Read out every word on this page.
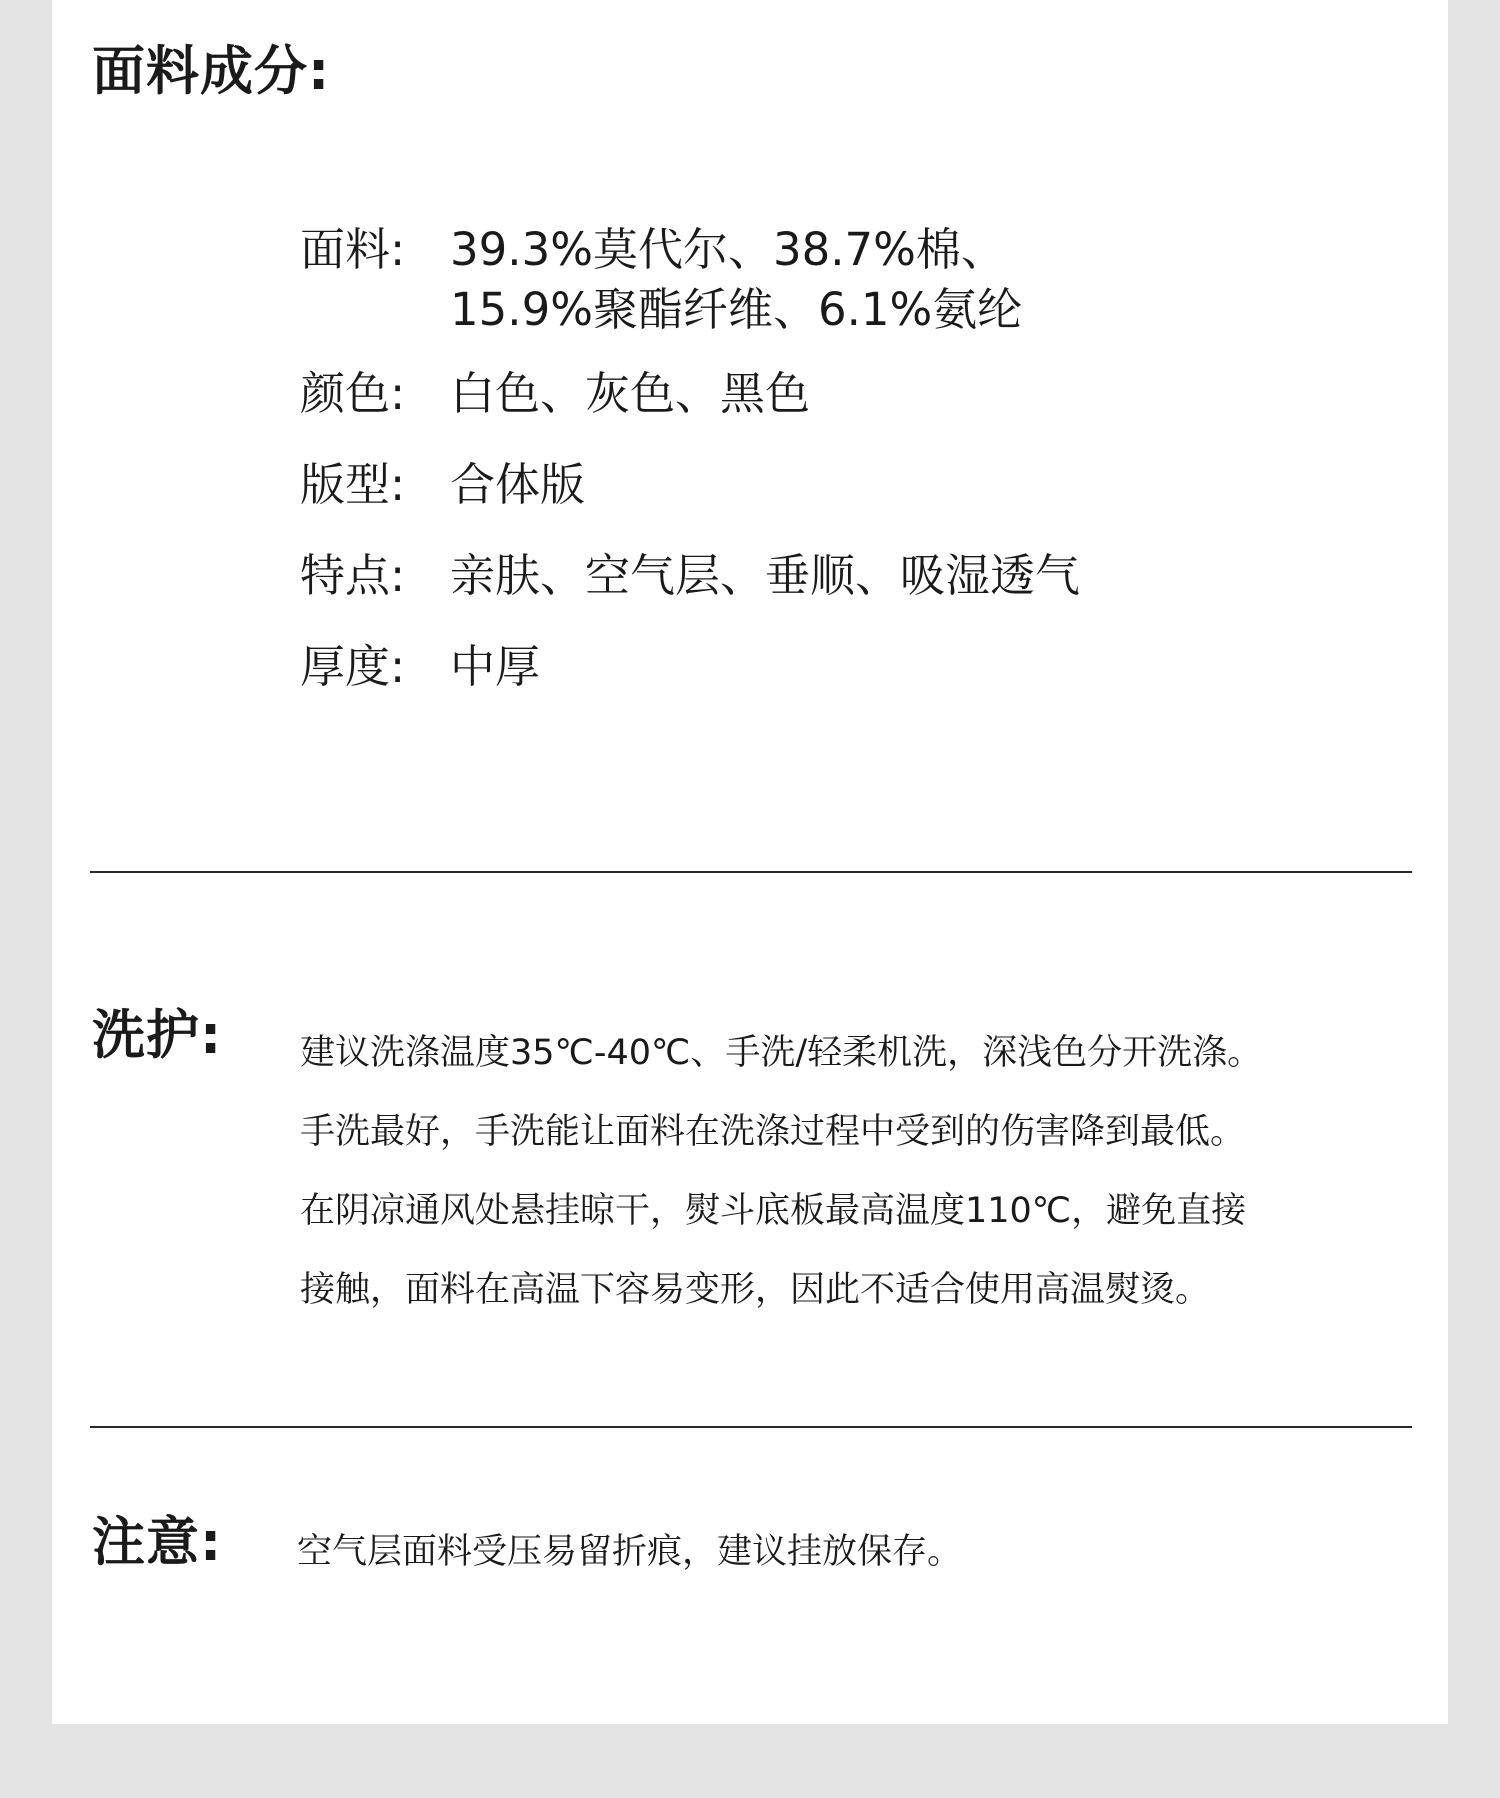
面料成分:
面料: 39.3%莫代尔、38.7%棉、
15.9%聚酯纤维、6.1%氨纶
颜色: 白色、灰色、黑色
版型: 合体版
特点: 亲肤、空气层、垂顺、吸湿透气
厚度: 中厚
洗护: 建议洗涤温度35℃-40℃、手洗/轻柔机洗，深浅色分开洗涤。
手洗最好，手洗能让面料在洗涤过程中受到的伤害降到最低。
在阴凉通风处悬挂晾干，熨斗底板最高温度110℃，避免直接
接触，面料在高温下容易变形，因此不适合使用高温熨烫。
注意: 空气层面料受压易留折痕，建议挂放保存。
